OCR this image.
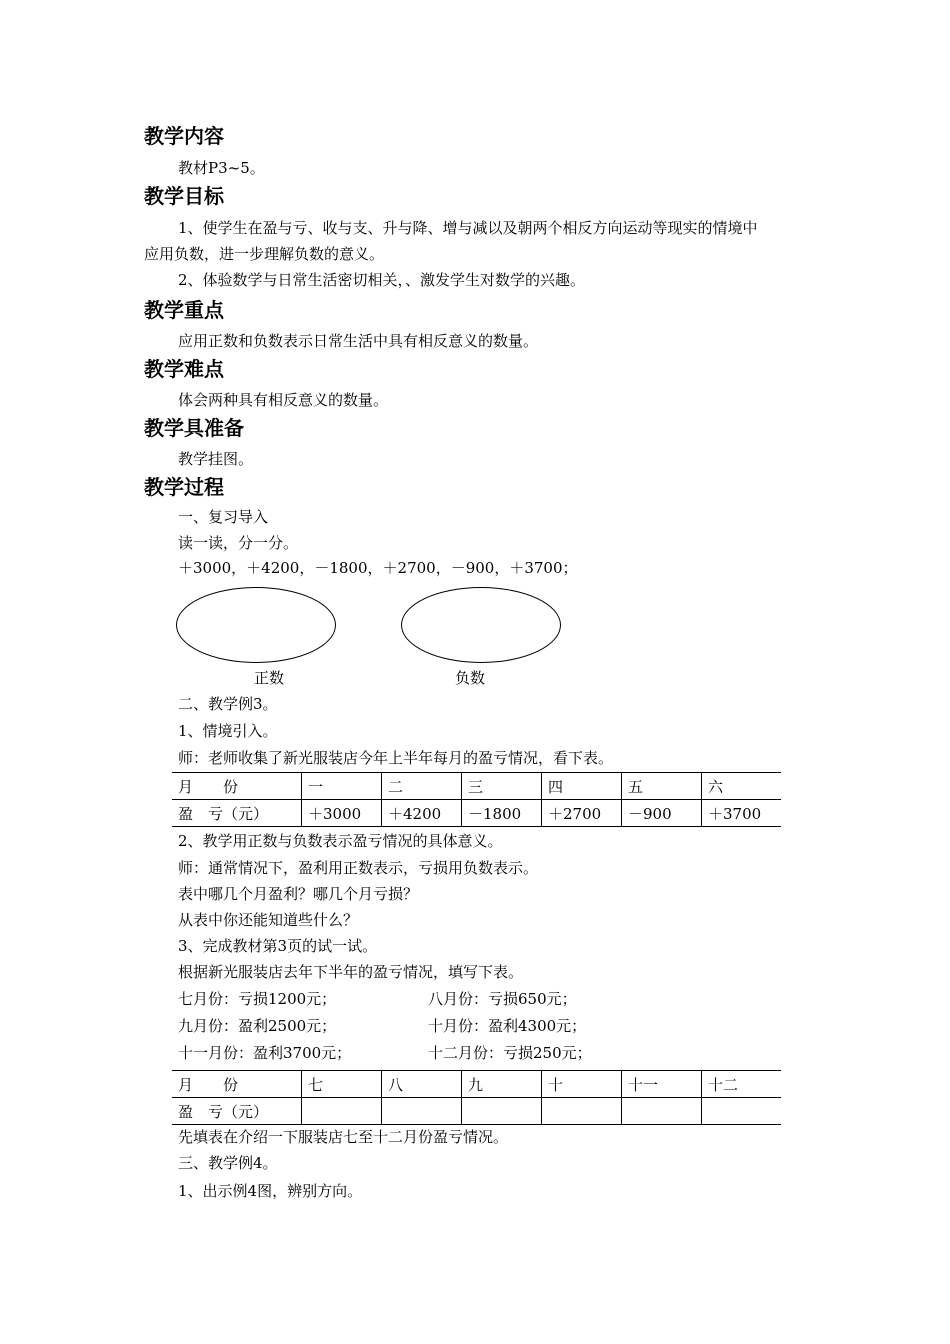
教学内容
教材P3~5。
教学目标
1、使学生在盈与亏、收与支、升与降、增与减以及朝两个相反方向运动等现实的情境中
应用负数，进一步理解负数的意义。
2、体验数学与日常生活密切相关，、激发学生对数学的兴趣。
教学重点
应用正数和负数表示日常生活中具有相反意义的数量。
教学难点
体会两种具有相反意义的数量。
教学具准备
教学挂图。
教学过程
一、复习导入
读一读，分一分。
＋3000，＋4200，－1800，＋2700，－900，＋3700；
正数	负数
二、教学例3。
1、情境引入。
师：老师收集了新光服装店今年上半年每月的盈亏情况，看下表。
月　　份	一	二	三	四	五	六
盈　亏（元）	＋3000	＋4200	－1800	＋2700	－900	＋3700
2、教学用正数与负数表示盈亏情况的具体意义。
师：通常情况下，盈利用正数表示，亏损用负数表示。
表中哪几个月盈利？哪几个月亏损？
从表中你还能知道些什么？
3、完成教材第3页的试一试。
根据新光服装店去年下半年的盈亏情况，填写下表。
七月份：亏损1200元；	八月份：亏损650元；
九月份：盈利2500元；	十月份：盈利4300元；
十一月份：盈利3700元；	十二月份：亏损250元；
月　　份	七	八	九	十	十一	十二
盈　亏（元）						
先填表在介绍一下服装店七至十二月份盈亏情况。
三、教学例4。
1、出示例4图，辨别方向。
